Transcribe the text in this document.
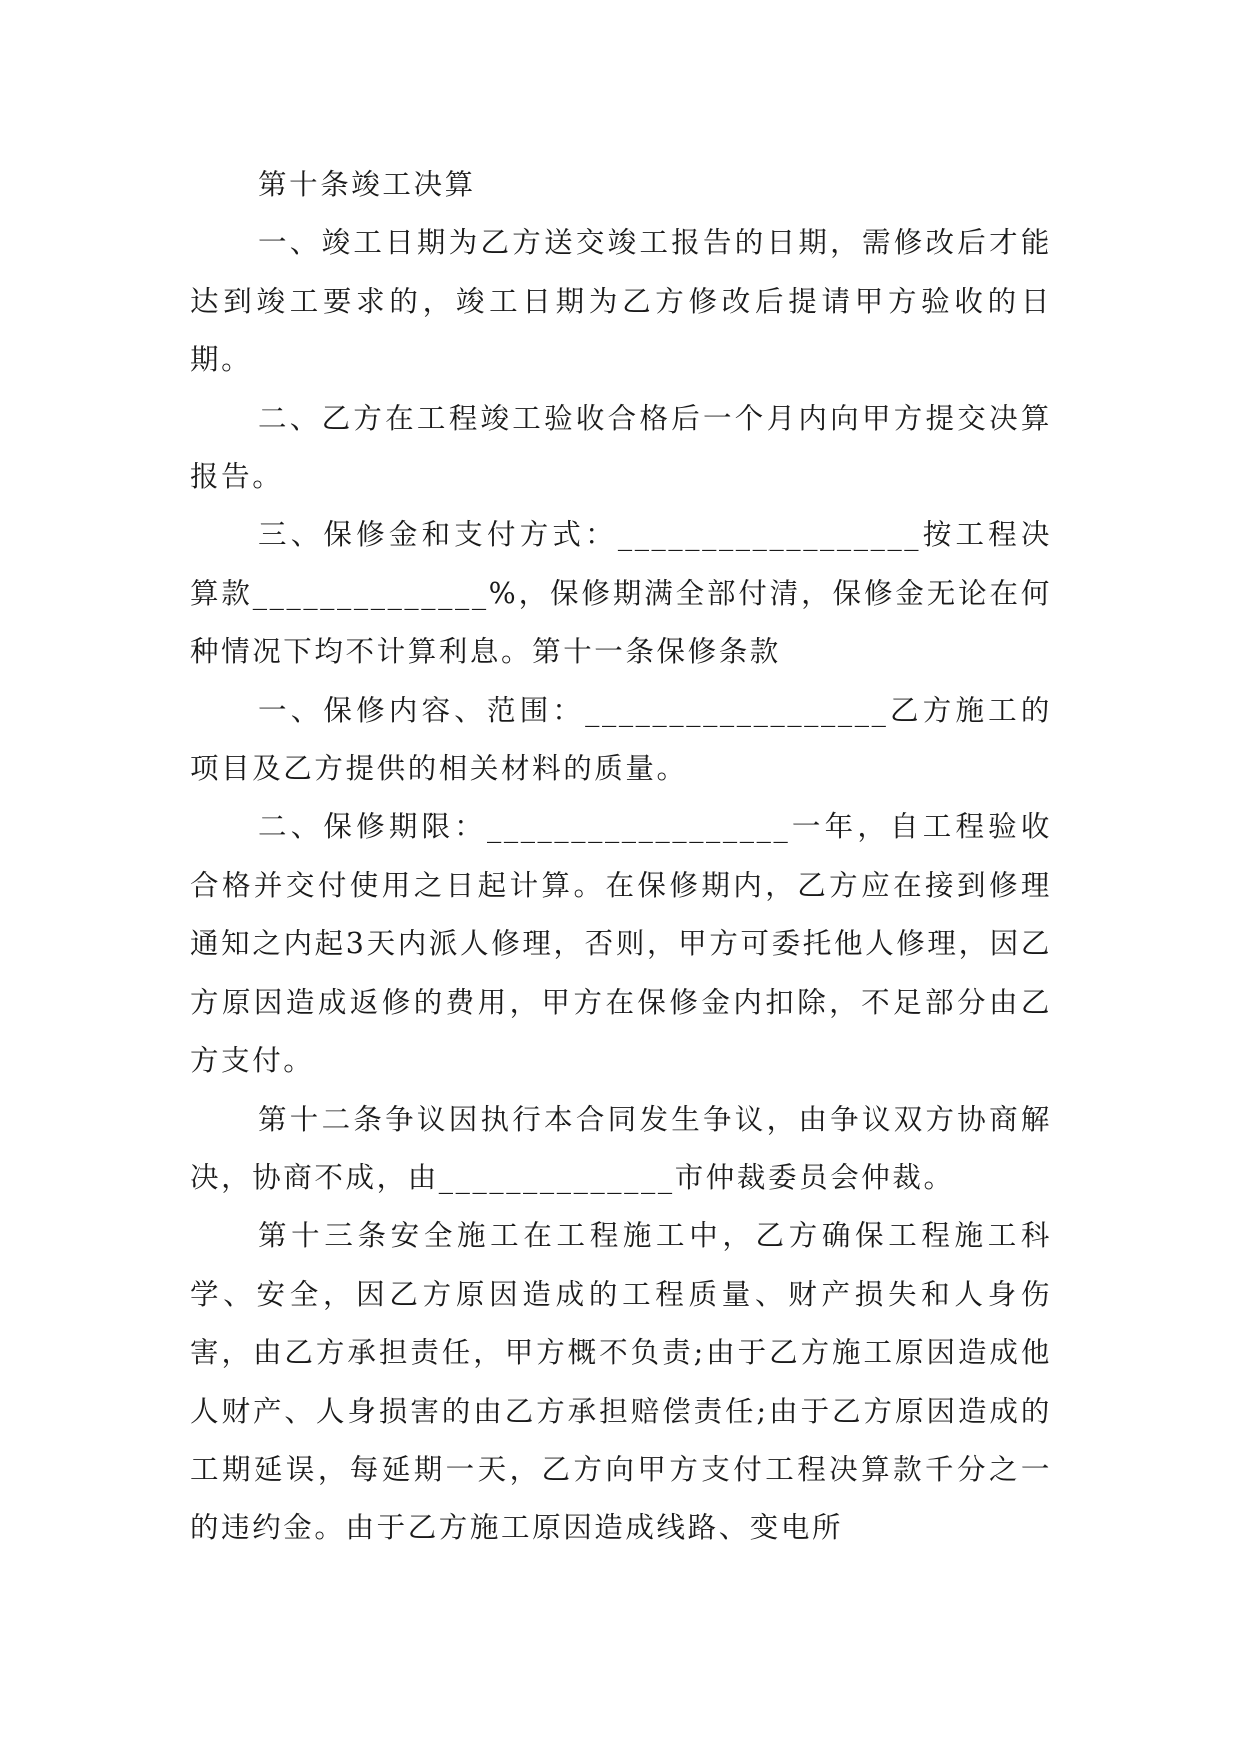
第十条竣工决算

一、竣工日期为乙方送交竣工报告的日期，需修改后才能达到竣工要求的，竣工日期为乙方修改后提请甲方验收的日期。

二、乙方在工程竣工验收合格后一个月内向甲方提交决算报告。

三、保修金和支付方式：__________________按工程决算款______________%，保修期满全部付清，保修金无论在何种情况下均不计算利息。第十一条保修条款

一、保修内容、范围：__________________乙方施工的项目及乙方提供的相关材料的质量。

二、保修期限：__________________一年，自工程验收合格并交付使用之日起计算。在保修期内，乙方应在接到修理通知之内起3天内派人修理，否则，甲方可委托他人修理，因乙方原因造成返修的费用，甲方在保修金内扣除，不足部分由乙方支付。

第十二条争议因执行本合同发生争议，由争议双方协商解决，协商不成，由______________市仲裁委员会仲裁。

第十三条安全施工在工程施工中，乙方确保工程施工科学、安全，因乙方原因造成的工程质量、财产损失和人身伤害，由乙方承担责任，甲方概不负责;由于乙方施工原因造成他人财产、人身损害的由乙方承担赔偿责任;由于乙方原因造成的工期延误，每延期一天，乙方向甲方支付工程决算款千分之一的违约金。由于乙方施工原因造成线路、变电所
